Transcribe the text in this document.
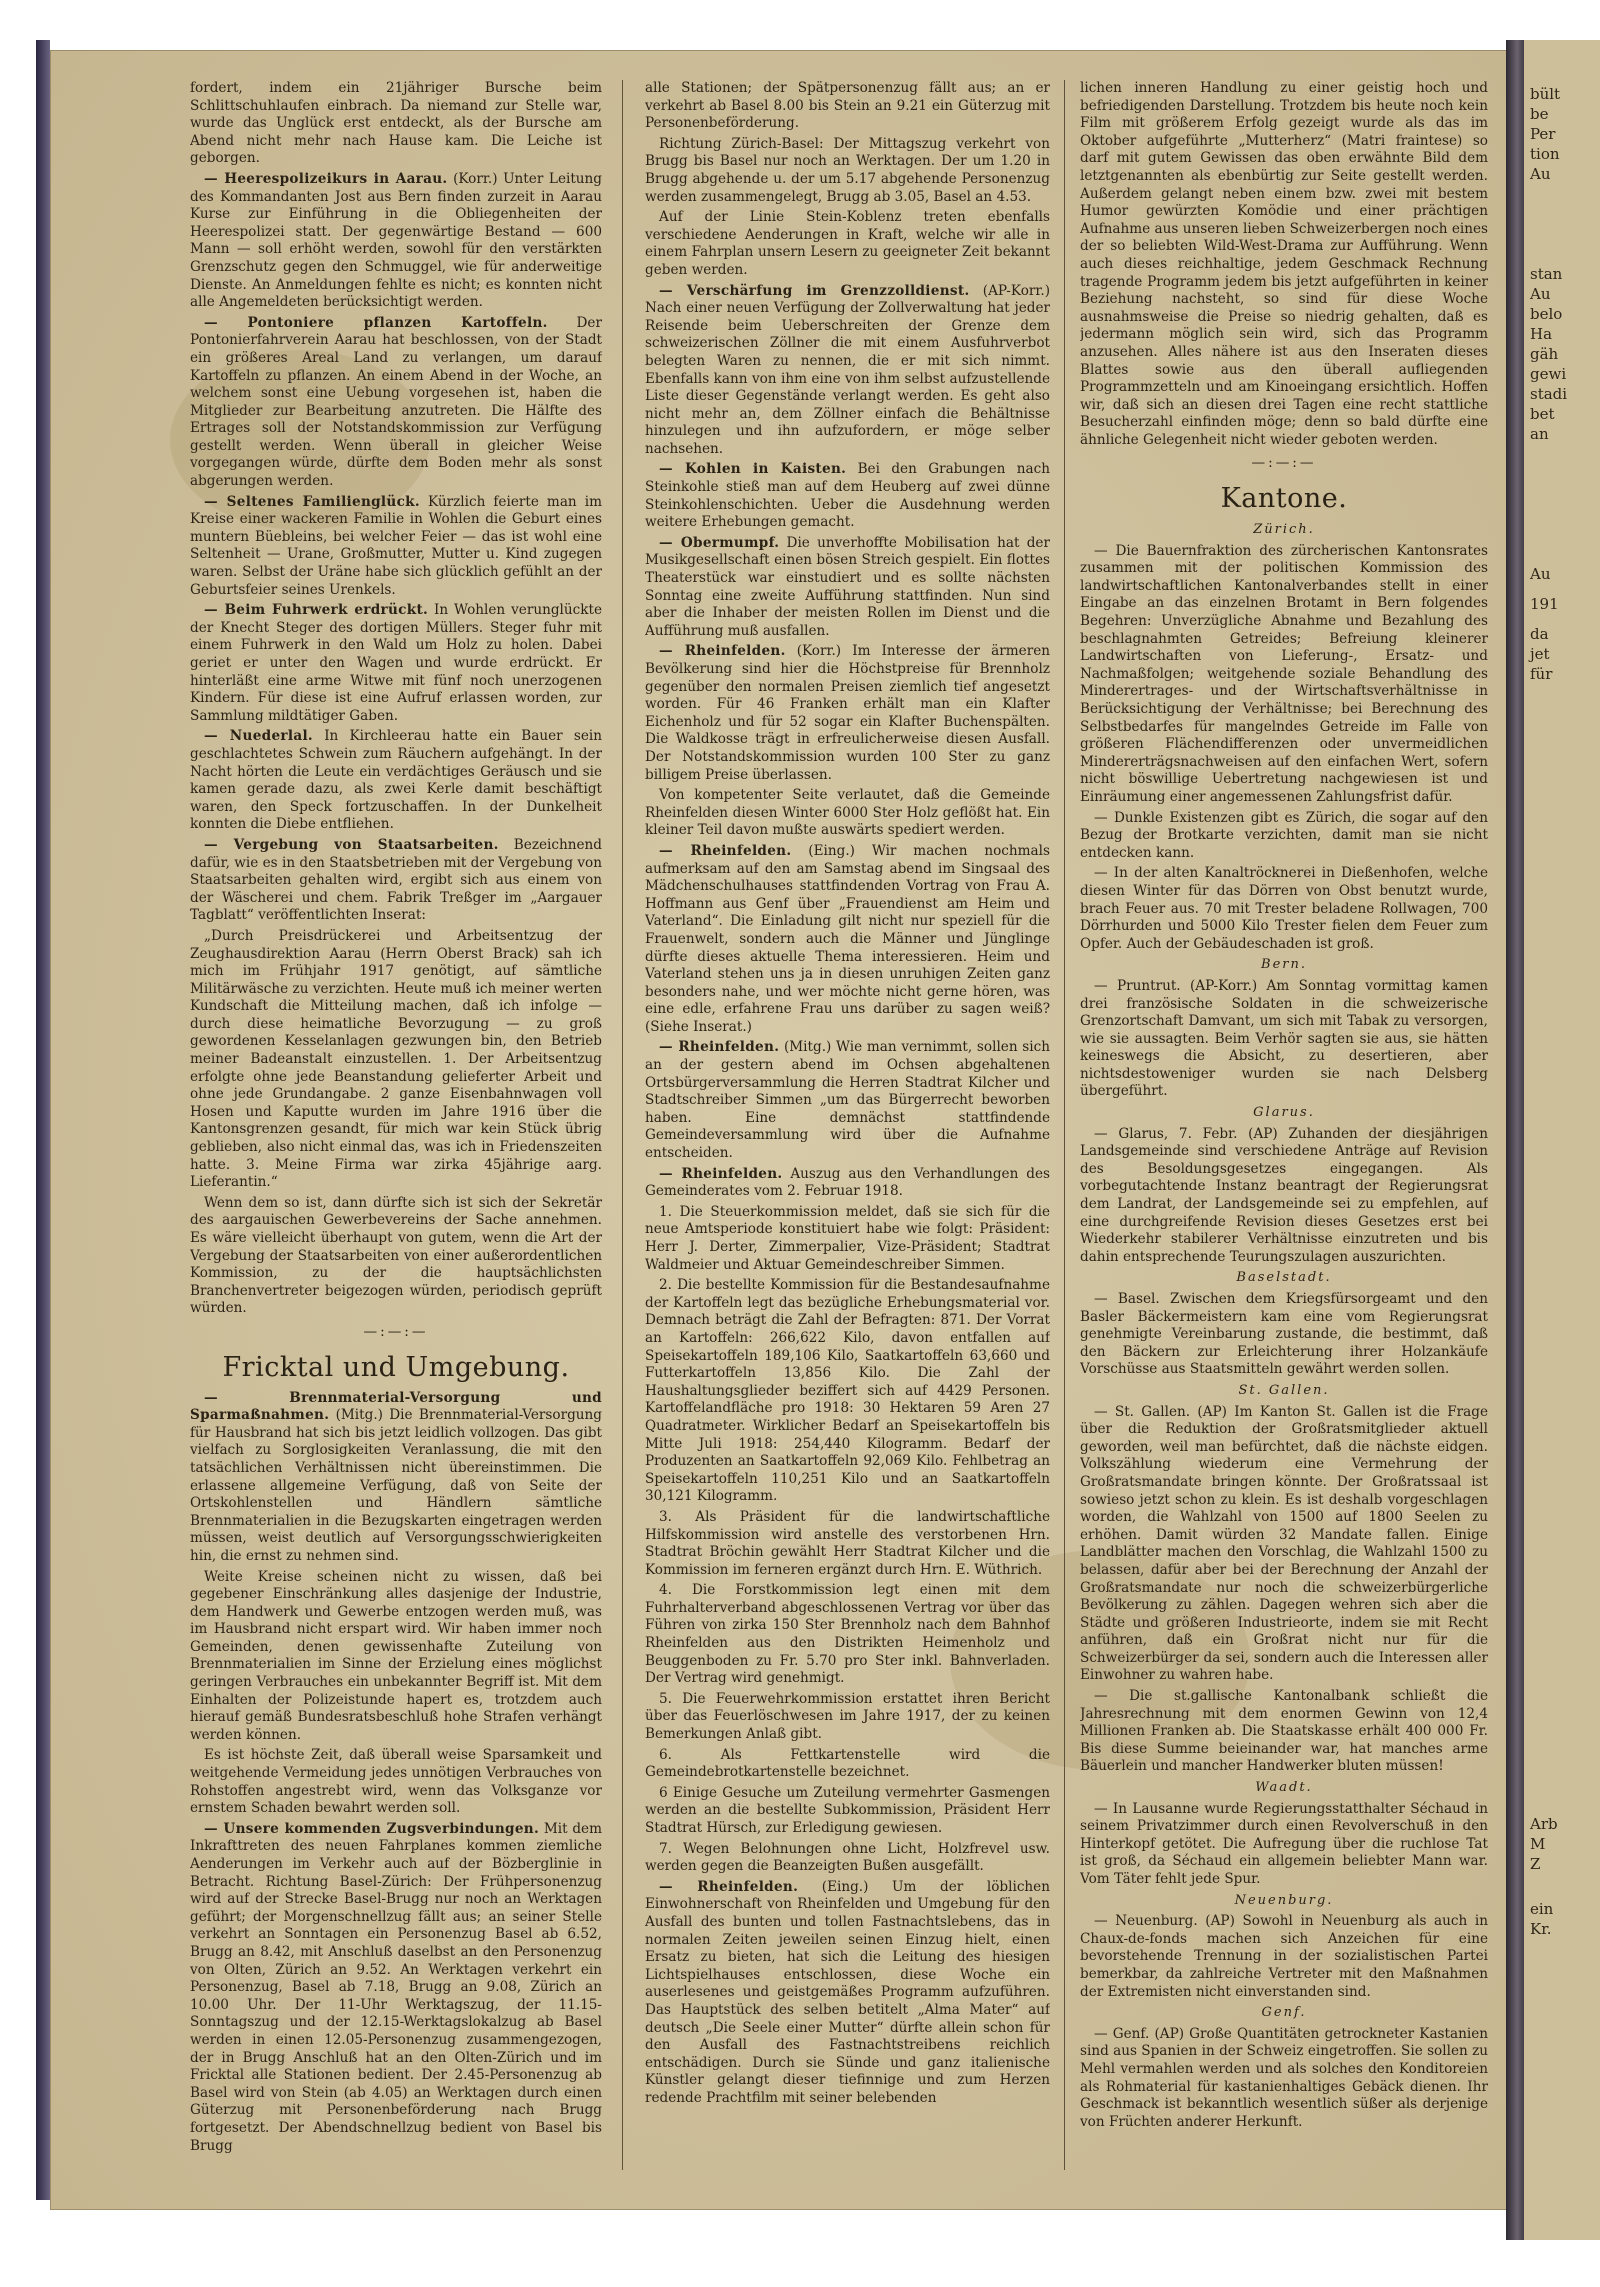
fordert, indem ein 21jähriger Bursche beim Schlittschuhlaufen einbrach. Da niemand zur Stelle war, wurde das Unglück erst entdeckt, als der Bursche am Abend nicht mehr nach Hause kam. Die Leiche ist geborgen.

— Heerespolizeikurs in Aarau. (Korr.) Unter Leitung des Kommandanten Jost aus Bern finden zurzeit in Aarau Kurse zur Einführung in die Obliegenheiten der Heerespolizei statt. Der gegenwärtige Bestand — 600 Mann — soll erhöht werden, sowohl für den verstärkten Grenzschutz gegen den Schmuggel, wie für anderweitige Dienste. An Anmeldungen fehlte es nicht; es konnten nicht alle Angemeldeten berücksichtigt werden.

— Pontoniere pflanzen Kartoffeln. Der Pontonierfahrverein Aarau hat beschlossen, von der Stadt ein größeres Areal Land zu verlangen, um darauf Kartoffeln zu pflanzen. An einem Abend in der Woche, an welchem sonst eine Uebung vorgesehen ist, haben die Mitglieder zur Bearbeitung anzutreten. Die Hälfte des Ertrages soll der Notstandskommission zur Verfügung gestellt werden. Wenn überall in gleicher Weise vorgegangen würde, dürfte dem Boden mehr als sonst abgerungen werden.

— Seltenes Familienglück. Kürzlich feierte man im Kreise einer wackeren Familie in Wohlen die Geburt eines muntern Büebleins, bei welcher Feier — das ist wohl eine Seltenheit — Urane, Großmutter, Mutter u. Kind zugegen waren. Selbst der Uräne habe sich glücklich gefühlt an der Geburtsfeier seines Urenkels.

— Beim Fuhrwerk erdrückt. In Wohlen verunglückte der Knecht Steger des dortigen Müllers. Steger fuhr mit einem Fuhrwerk in den Wald um Holz zu holen. Dabei geriet er unter den Wagen und wurde erdrückt. Er hinterläßt eine arme Witwe mit fünf noch unerzogenen Kindern. Für diese ist eine Aufruf erlassen worden, zur Sammlung mildtätiger Gaben.

— Nuederlal. In Kirchleerau hatte ein Bauer sein geschlachtetes Schwein zum Räuchern aufgehängt. In der Nacht hörten die Leute ein verdächtiges Geräusch und sie kamen gerade dazu, als zwei Kerle damit beschäftigt waren, den Speck fortzuschaffen. In der Dunkelheit konnten die Diebe entfliehen.

— Vergebung von Staatsarbeiten. Bezeichnend dafür, wie es in den Staatsbetrieben mit der Vergebung von Staatsarbeiten gehalten wird, ergibt sich aus einem von der Wäscherei und chem. Fabrik Treßger im „Aargauer Tagblatt“ veröffentlichten Inserat:

„Durch Preisdrückerei und Arbeitsentzug der Zeughausdirektion Aarau (Herrn Oberst Brack) sah ich mich im Frühjahr 1917 genötigt, auf sämtliche Militärwäsche zu verzichten. Heute muß ich meiner werten Kundschaft die Mitteilung machen, daß ich infolge — durch diese heimatliche Bevorzugung — zu groß gewordenen Kesselanlagen gezwungen bin, den Betrieb meiner Badeanstalt einzustellen. 1. Der Arbeitsentzug erfolgte ohne jede Beanstandung gelieferter Arbeit und ohne jede Grundangabe. 2 ganze Eisenbahnwagen voll Hosen und Kaputte wurden im Jahre 1916 über die Kantonsgrenzen gesandt, für mich war kein Stück übrig geblieben, also nicht einmal das, was ich in Friedenszeiten hatte. 3. Meine Firma war zirka 45jährige aarg. Lieferantin.“

Wenn dem so ist, dann dürfte sich ist sich der Sekretär des aargauischen Gewerbevereins der Sache annehmen. Es wäre vielleicht überhaupt von gutem, wenn die Art der Vergebung der Staatsarbeiten von einer außerordentlichen Kommission, zu der die hauptsächlichsten Branchenvertreter beigezogen würden, periodisch geprüft würden.

—:—:—
Fricktal und Umgebung.

— Brennmaterial-Versorgung und Sparmaßnahmen. (Mitg.) Die Brennmaterial-Versorgung für Hausbrand hat sich bis jetzt leidlich vollzogen. Das gibt vielfach zu Sorglosigkeiten Veranlassung, die mit den tatsächlichen Verhältnissen nicht übereinstimmen. Die erlassene allgemeine Verfügung, daß von Seite der Ortskohlenstellen und Händlern sämtliche Brennmaterialien in die Bezugskarten eingetragen werden müssen, weist deutlich auf Versorgungsschwierigkeiten hin, die ernst zu nehmen sind.

Weite Kreise scheinen nicht zu wissen, daß bei gegebener Einschränkung alles dasjenige der Industrie, dem Handwerk und Gewerbe entzogen werden muß, was im Hausbrand nicht erspart wird. Wir haben immer noch Gemeinden, denen gewissenhafte Zuteilung von Brennmaterialien im Sinne der Erzielung eines möglichst geringen Verbrauches ein unbekannter Begriff ist. Mit dem Einhalten der Polizeistunde hapert es, trotzdem auch hierauf gemäß Bundesratsbeschluß hohe Strafen verhängt werden können.

Es ist höchste Zeit, daß überall weise Sparsamkeit und weitgehende Vermeidung jedes unnötigen Verbrauches von Rohstoffen angestrebt wird, wenn das Volksganze vor ernstem Schaden bewahrt werden soll.

— Unsere kommenden Zugsverbindungen. Mit dem Inkrafttreten des neuen Fahrplanes kommen ziemliche Aenderungen im Verkehr auch auf der Bözberglinie in Betracht. Richtung Basel-Zürich: Der Frühpersonenzug wird auf der Strecke Basel-Brugg nur noch an Werktagen geführt; der Morgenschnellzug fällt aus; an seiner Stelle verkehrt an Sonntagen ein Personenzug Basel ab 6.52, Brugg an 8.42, mit Anschluß daselbst an den Personenzug von Olten, Zürich an 9.52. An Werktagen verkehrt ein Personenzug, Basel ab 7.18, Brugg an 9.08, Zürich an 10.00 Uhr. Der 11-Uhr Werktagszug, der 11.15-Sonntagszug und der 12.15-Werktagslokalzug ab Basel werden in einen 12.05-Personenzug zusammengezogen, der in Brugg Anschluß hat an den Olten-Zürich und im Fricktal alle Stationen bedient. Der 2.45-Personenzug ab Basel wird von Stein (ab 4.05) an Werktagen durch einen Güterzug mit Personenbeförderung nach Brugg fortgesetzt. Der Abendschnellzug bedient von Basel bis Brugg

alle Stationen; der Spätpersonenzug fällt aus; an er verkehrt ab Basel 8.00 bis Stein an 9.21 ein Güterzug mit Personenbeförderung.

Richtung Zürich-Basel: Der Mittagszug verkehrt von Brugg bis Basel nur noch an Werktagen. Der um 1.20 in Brugg abgehende u. der um 5.17 abgehende Personenzug werden zusammengelegt, Brugg ab 3.05, Basel an 4.53.

Auf der Linie Stein-Koblenz treten ebenfalls verschiedene Aenderungen in Kraft, welche wir alle in einem Fahrplan unsern Lesern zu geeigneter Zeit bekannt geben werden.

— Verschärfung im Grenzzolldienst. (AP-Korr.) Nach einer neuen Verfügung der Zollverwaltung hat jeder Reisende beim Ueberschreiten der Grenze dem schweizerischen Zöllner die mit einem Ausfuhrverbot belegten Waren zu nennen, die er mit sich nimmt. Ebenfalls kann von ihm eine von ihm selbst aufzustellende Liste dieser Gegenstände verlangt werden. Es geht also nicht mehr an, dem Zöllner einfach die Behältnisse hinzulegen und ihn aufzufordern, er möge selber nachsehen.

— Kohlen in Kaisten. Bei den Grabungen nach Steinkohle stieß man auf dem Heuberg auf zwei dünne Steinkohlenschichten. Ueber die Ausdehnung werden weitere Erhebungen gemacht.

— Obermumpf. Die unverhoffte Mobilisation hat der Musikgesellschaft einen bösen Streich gespielt. Ein flottes Theaterstück war einstudiert und es sollte nächsten Sonntag eine zweite Aufführung stattfinden. Nun sind aber die Inhaber der meisten Rollen im Dienst und die Aufführung muß ausfallen.

— Rheinfelden. (Korr.) Im Interesse der ärmeren Bevölkerung sind hier die Höchstpreise für Brennholz gegenüber den normalen Preisen ziemlich tief angesetzt worden. Für 46 Franken erhält man ein Klafter Eichenholz und für 52 sogar ein Klafter Buchenspälten. Die Waldkosse trägt in erfreulicherweise diesen Ausfall. Der Notstandskommission wurden 100 Ster zu ganz billigem Preise überlassen.

Von kompetenter Seite verlautet, daß die Gemeinde Rheinfelden diesen Winter 6000 Ster Holz geflößt hat. Ein kleiner Teil davon mußte auswärts spediert werden.

— Rheinfelden. (Eing.) Wir machen nochmals aufmerksam auf den am Samstag abend im Singsaal des Mädchenschulhauses stattfindenden Vortrag von Frau A. Hoffmann aus Genf über „Frauendienst am Heim und Vaterland“. Die Einladung gilt nicht nur speziell für die Frauenwelt, sondern auch die Männer und Jünglinge dürfte dieses aktuelle Thema interessieren. Heim und Vaterland stehen uns ja in diesen unruhigen Zeiten ganz besonders nahe, und wer möchte nicht gerne hören, was eine edle, erfahrene Frau uns darüber zu sagen weiß? (Siehe Inserat.)

— Rheinfelden. (Mitg.) Wie man vernimmt, sollen sich an der gestern abend im Ochsen abgehaltenen Ortsbürgerversammlung die Herren Stadtrat Kilcher und Stadtschreiber Simmen „um das Bürgerrecht beworben haben. Eine demnächst stattfindende Gemeindeversammlung wird über die Aufnahme entscheiden.

— Rheinfelden. Auszug aus den Verhandlungen des Gemeinderates vom 2. Februar 1918.

1. Die Steuerkommission meldet, daß sie sich für die neue Amtsperiode konstituiert habe wie folgt: Präsident: Herr J. Derter, Zimmerpalier, Vize-Präsident; Stadtrat Waldmeier und Aktuar Gemeindeschreiber Simmen.

2. Die bestellte Kommission für die Bestandesaufnahme der Kartoffeln legt das bezügliche Erhebungsmaterial vor. Demnach beträgt die Zahl der Befragten: 871. Der Vorrat an Kartoffeln: 266,622 Kilo, davon entfallen auf Speisekartoffeln 189,106 Kilo, Saatkartoffeln 63,660 und Futterkartoffeln 13,856 Kilo. Die Zahl der Haushaltungsglieder beziffert sich auf 4429 Personen. Kartoffelandfläche pro 1918: 30 Hektaren 59 Aren 27 Quadratmeter. Wirklicher Bedarf an Speisekartoffeln bis Mitte Juli 1918: 254,440 Kilogramm. Bedarf der Produzenten an Saatkartoffeln 92,069 Kilo. Fehlbetrag an Speisekartoffeln 110,251 Kilo und an Saatkartoffeln 30,121 Kilogramm.

3. Als Präsident für die landwirtschaftliche Hilfskommission wird anstelle des verstorbenen Hrn. Stadtrat Bröchin gewählt Herr Stadtrat Kilcher und die Kommission im ferneren ergänzt durch Hrn. E. Wüthrich.

4. Die Forstkommission legt einen mit dem Fuhrhalterverband abgeschlossenen Vertrag vor über das Führen von zirka 150 Ster Brennholz nach dem Bahnhof Rheinfelden aus den Distrikten Heimenholz und Beuggenboden zu Fr. 5.70 pro Ster inkl. Bahnverladen. Der Vertrag wird genehmigt.

5. Die Feuerwehrkommission erstattet ihren Bericht über das Feuerlöschwesen im Jahre 1917, der zu keinen Bemerkungen Anlaß gibt.

6. Als Fettkartenstelle wird die Gemeindebrotkartenstelle bezeichnet.

6 Einige Gesuche um Zuteilung vermehrter Gasmengen werden an die bestellte Subkommission, Präsident Herr Stadtrat Hürsch, zur Erledigung gewiesen.

7. Wegen Belohnungen ohne Licht, Holzfrevel usw. werden gegen die Beanzeigten Bußen ausgefällt.

— Rheinfelden. (Eing.) Um der löblichen Einwohnerschaft von Rheinfelden und Umgebung für den Ausfall des bunten und tollen Fastnachtslebens, das in normalen Zeiten jeweilen seinen Einzug hielt, einen Ersatz zu bieten, hat sich die Leitung des hiesigen Lichtspielhauses entschlossen, diese Woche ein auserlesenes und geistgemäßes Programm aufzuführen. Das Hauptstück des selben betitelt „Alma Mater“ auf deutsch „Die Seele einer Mutter“ dürfte allein schon für den Ausfall des Fastnachtstreibens reichlich entschädigen. Durch sie Sünde und ganz italienische Künstler gelangt dieser tiefinnige und zum Herzen redende Prachtfilm mit seiner belebenden

lichen inneren Handlung zu einer geistig hoch und befriedigenden Darstellung. Trotzdem bis heute noch kein Film mit größerem Erfolg gezeigt wurde als das im Oktober aufgeführte „Mutterherz“ (Matri fraintese) so darf mit gutem Gewissen das oben erwähnte Bild dem letztgenannten als ebenbürtig zur Seite gestellt werden. Außerdem gelangt neben einem bzw. zwei mit bestem Humor gewürzten Komödie und einer prächtigen Aufnahme aus unseren lieben Schweizerbergen noch eines der so beliebten Wild-West-Drama zur Aufführung. Wenn auch dieses reichhaltige, jedem Geschmack Rechnung tragende Programm jedem bis jetzt aufgeführten in keiner Beziehung nachsteht, so sind für diese Woche ausnahmsweise die Preise so niedrig gehalten, daß es jedermann möglich sein wird, sich das Programm anzusehen. Alles nähere ist aus den Inseraten dieses Blattes sowie aus den überall aufliegenden Programmzetteln und am Kinoeingang ersichtlich. Hoffen wir, daß sich an diesen drei Tagen eine recht stattliche Besucherzahl einfinden möge; denn so bald dürfte eine ähnliche Gelegenheit nicht wieder geboten werden.

—:—:—
Kantone.
Zürich.

— Die Bauernfraktion des zürcherischen Kantonsrates zusammen mit der politischen Kommission des landwirtschaftlichen Kantonalverbandes stellt in einer Eingabe an das einzelnen Brotamt in Bern folgendes Begehren: Unverzügliche Abnahme und Bezahlung des beschlagnahmten Getreides; Befreiung kleinerer Landwirtschaften von Lieferung-, Ersatz- und Nachmaßfolgen; weitgehende soziale Behandlung des Minderertrages- und der Wirtschaftsverhältnisse in Berücksichtigung der Verhältnisse; bei Berechnung des Selbstbedarfes für mangelndes Getreide im Falle von größeren Flächendifferenzen oder unvermeidlichen Mindererträgsnachweisen auf den einfachen Wert, sofern nicht böswillige Uebertretung nachgewiesen ist und Einräumung einer angemessenen Zahlungsfrist dafür.

— Dunkle Existenzen gibt es Zürich, die sogar auf den Bezug der Brotkarte verzichten, damit man sie nicht entdecken kann.

— In der alten Kanaltröcknerei in Dießenhofen, welche diesen Winter für das Dörren von Obst benutzt wurde, brach Feuer aus. 70 mit Trester beladene Rollwagen, 700 Dörrhurden und 5000 Kilo Trester fielen dem Feuer zum Opfer. Auch der Gebäudeschaden ist groß.

Bern.

— Pruntrut. (AP-Korr.) Am Sonntag vormittag kamen drei französische Soldaten in die schweizerische Grenzortschaft Damvant, um sich mit Tabak zu versorgen, wie sie aussagten. Beim Verhör sagten sie aus, sie hätten keineswegs die Absicht, zu desertieren, aber nichtsdestoweniger wurden sie nach Delsberg übergeführt.

Glarus.

— Glarus, 7. Febr. (AP) Zuhanden der diesjährigen Landsgemeinde sind verschiedene Anträge auf Revision des Besoldungsgesetzes eingegangen. Als vorbegutachtende Instanz beantragt der Regierungsrat dem Landrat, der Landsgemeinde sei zu empfehlen, auf eine durchgreifende Revision dieses Gesetzes erst bei Wiederkehr stabilerer Verhältnisse einzutreten und bis dahin entsprechende Teurungszulagen auszurichten.

Baselstadt.

— Basel. Zwischen dem Kriegsfürsorgeamt und den Basler Bäckermeistern kam eine vom Regierungsrat genehmigte Vereinbarung zustande, die bestimmt, daß den Bäckern zur Erleichterung ihrer Holzankäufe Vorschüsse aus Staatsmitteln gewährt werden sollen.

St. Gallen.

— St. Gallen. (AP) Im Kanton St. Gallen ist die Frage über die Reduktion der Großratsmitglieder aktuell geworden, weil man befürchtet, daß die nächste eidgen. Volkszählung wiederum eine Vermehrung der Großratsmandate bringen könnte. Der Großratssaal ist sowieso jetzt schon zu klein. Es ist deshalb vorgeschlagen worden, die Wahlzahl von 1500 auf 1800 Seelen zu erhöhen. Damit würden 32 Mandate fallen. Einige Landblätter machen den Vorschlag, die Wahlzahl 1500 zu belassen, dafür aber bei der Berechnung der Anzahl der Großratsmandate nur noch die schweizerbürgerliche Bevölkerung zu zählen. Dagegen wehren sich aber die Städte und größeren Industrieorte, indem sie mit Recht anführen, daß ein Großrat nicht nur für die Schweizerbürger da sei, sondern auch die Interessen aller Einwohner zu wahren habe.

— Die st.gallische Kantonalbank schließt die Jahresrechnung mit dem enormen Gewinn von 12,4 Millionen Franken ab. Die Staatskasse erhält 400 000 Fr. Bis diese Summe beieinander war, hat manches arme Bäuerlein und mancher Handwerker bluten müssen!

Waadt.

— In Lausanne wurde Regierungsstatthalter Séchaud in seinem Privatzimmer durch einen Revolverschuß in den Hinterkopf getötet. Die Aufregung über die ruchlose Tat ist groß, da Séchaud ein allgemein beliebter Mann war. Vom Täter fehlt jede Spur.

Neuenburg.

— Neuenburg. (AP) Sowohl in Neuenburg als auch in Chaux-de-fonds machen sich Anzeichen für eine bevorstehende Trennung in der sozialistischen Partei bemerkbar, da zahlreiche Vertreter mit den Maßnahmen der Extremisten nicht einverstanden sind.

Genf.

— Genf. (AP) Große Quantitäten getrockneter Kastanien sind aus Spanien in der Schweiz eingetroffen. Sie sollen zu Mehl vermahlen werden und als solches den Konditoreien als Rohmaterial für kastanienhaltiges Gebäck dienen. Ihr Geschmack ist bekanntlich wesentlich süßer als derjenige von Früchten anderer Herkunft.

bült
be
Per
tion
Au
stan
Au
belo
Ha
gäh
gewi
stadi
bet
an
Au
191
da
jet
für
Arb
M
Z
ein
Kr.
